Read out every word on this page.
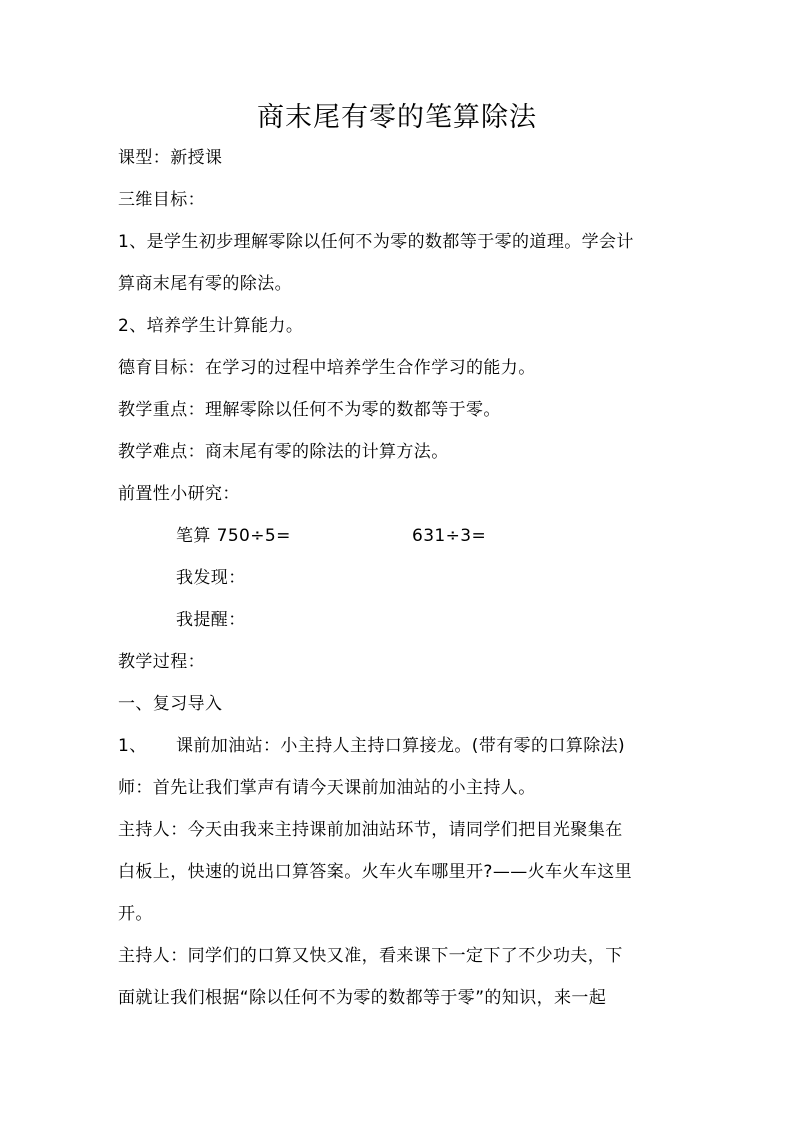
商末尾有零的笔算除法
课型：新授课
三维目标：
1、是学生初步理解零除以任何不为零的数都等于零的道理。学会计
算商末尾有零的除法。
2、培养学生计算能力。
德育目标：在学习的过程中培养学生合作学习的能力。
教学重点：理解零除以任何不为零的数都等于零。
教学难点：商末尾有零的除法的计算方法。
前置性小研究：
笔算 750÷5=	631÷3=
我发现：
我提醒：
教学过程：
一、复习导入
1、 课前加油站：小主持人主持口算接龙。(带有零的口算除法)
师：首先让我们掌声有请今天课前加油站的小主持人。
主持人：今天由我来主持课前加油站环节，请同学们把目光聚集在
白板上，快速的说出口算答案。火车火车哪里开?——火车火车这里
开。
主持人：同学们的口算又快又准，看来课下一定下了不少功夫，下
面就让我们根据“除以任何不为零的数都等于零”的知识，来一起
